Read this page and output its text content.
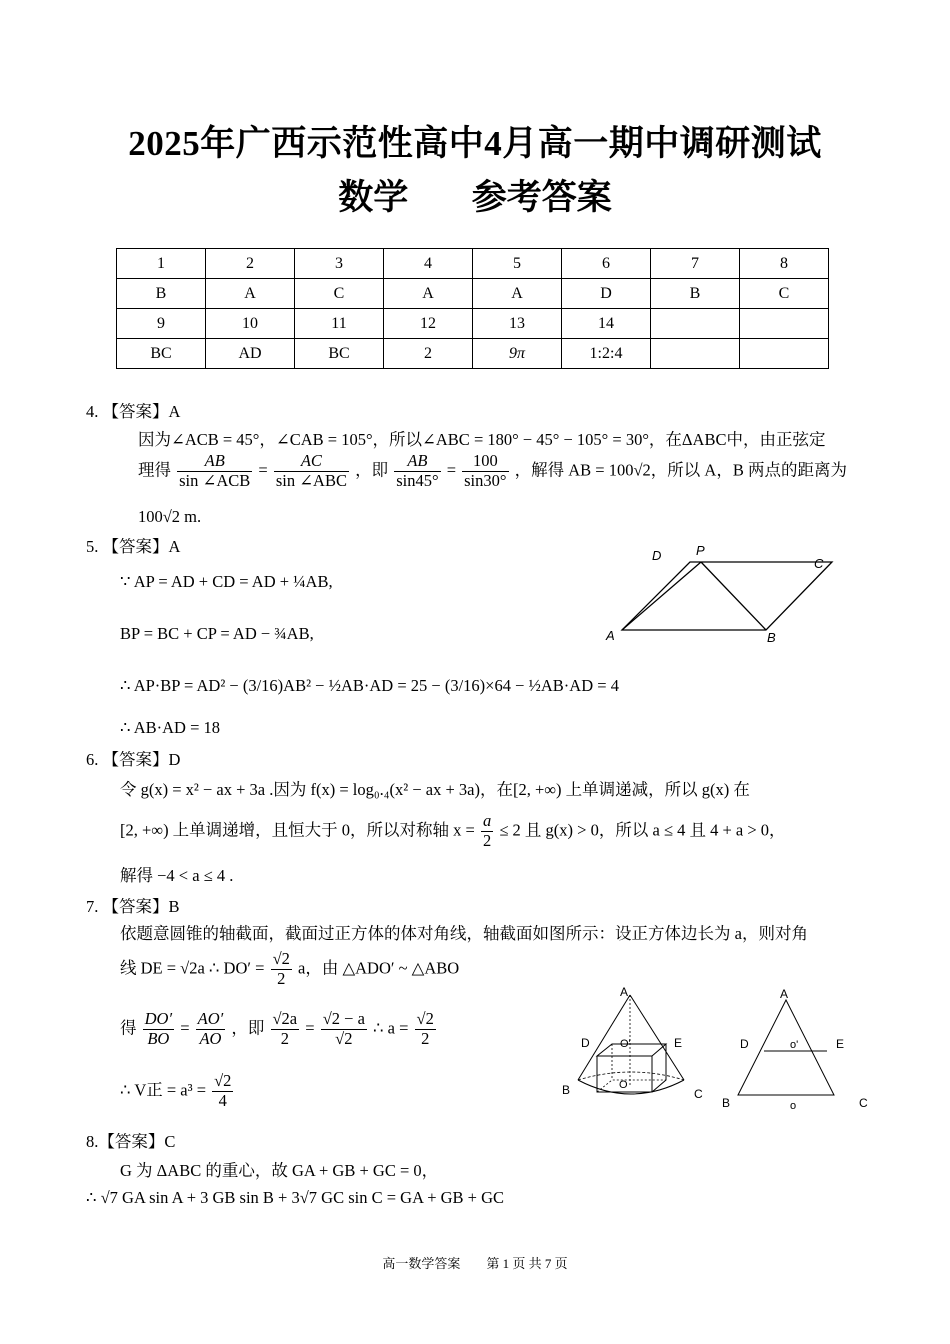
2025年广西示范性高中4月高一期中调研测试
数学 参考答案
1	2	3	4	5	6	7	8
B	A	C	A	A	D	B	C
9	10	11	12	13	14		
BC	AD	BC	2	9π	1:2:4		
4. 【答案】A
因为∠ACB = 45°，∠CAB = 105°，所以∠ABC = 180° − 45° − 105° = 30°，在ΔABC中，由正弦定
理得 $\frac{AB}{\text{sin ∠ACB}} = \frac{AC}{\text{sin ∠ABC}}$ ，即 $\frac{AB}{\sin 45^\circ} = \frac{100}{\sin 30^\circ}$ ，解得 AB = 100√2，所以 A，B 两点的距离为
100√2 m.
5. 【答案】A
∵ AP = AD + CD = AD + ¼AB,
BP = BC + CP = AD − ¾AB,
∴ AP·BP = AD² − (3/16)AB² − ½AB·AD = 25 − (3/16)×64 − ½AB·AD = 4
∴ AB·AD = 18
D	P
C
A	B
6. 【答案】D
令 g(x) = x² − ax + 3a .因为 f(x) = log₀.₄(x² − ax + 3a)，在[2, +∞) 上单调递减，所以 g(x) 在
[2, +∞) 上单调递增，且恒大于 0，所以对称轴 $x = \frac{a}{2} \le 2$ 且 g(x) > 0，所以 a ≤ 4 且 4 + a > 0，
解得 −4 < a ≤ 4 .
7. 【答案】B
依题意圆锥的轴截面，截面过正方体的体对角线，轴截面如图所示：设正方体边长为 a，则对角
线 DE = √2a ∴ $DO' = \frac{√2}{2}$ a，由 △ADO′ ~ △ABO
得 $\frac{DO'}{BO} = \frac{AO'}{AO}$ ，即 $\frac{√2a}{2} = \frac{√2 - a}{√2}$ ∴ $a = \frac{√2}{2}$
∴ V正 = $a^3 = \frac{√2}{4}$
A
D	O'	E
O
B	C
A
D	o'	E
B	o	C
8.【答案】C
G 为 ΔABC 的重心，故 GA + GB + GC = 0，
∴ √7 GA sin A + 3 GB sin B + 3√7 GC sin C = GA + GB + GC
高一数学答案　　第 1 页 共 7 页
